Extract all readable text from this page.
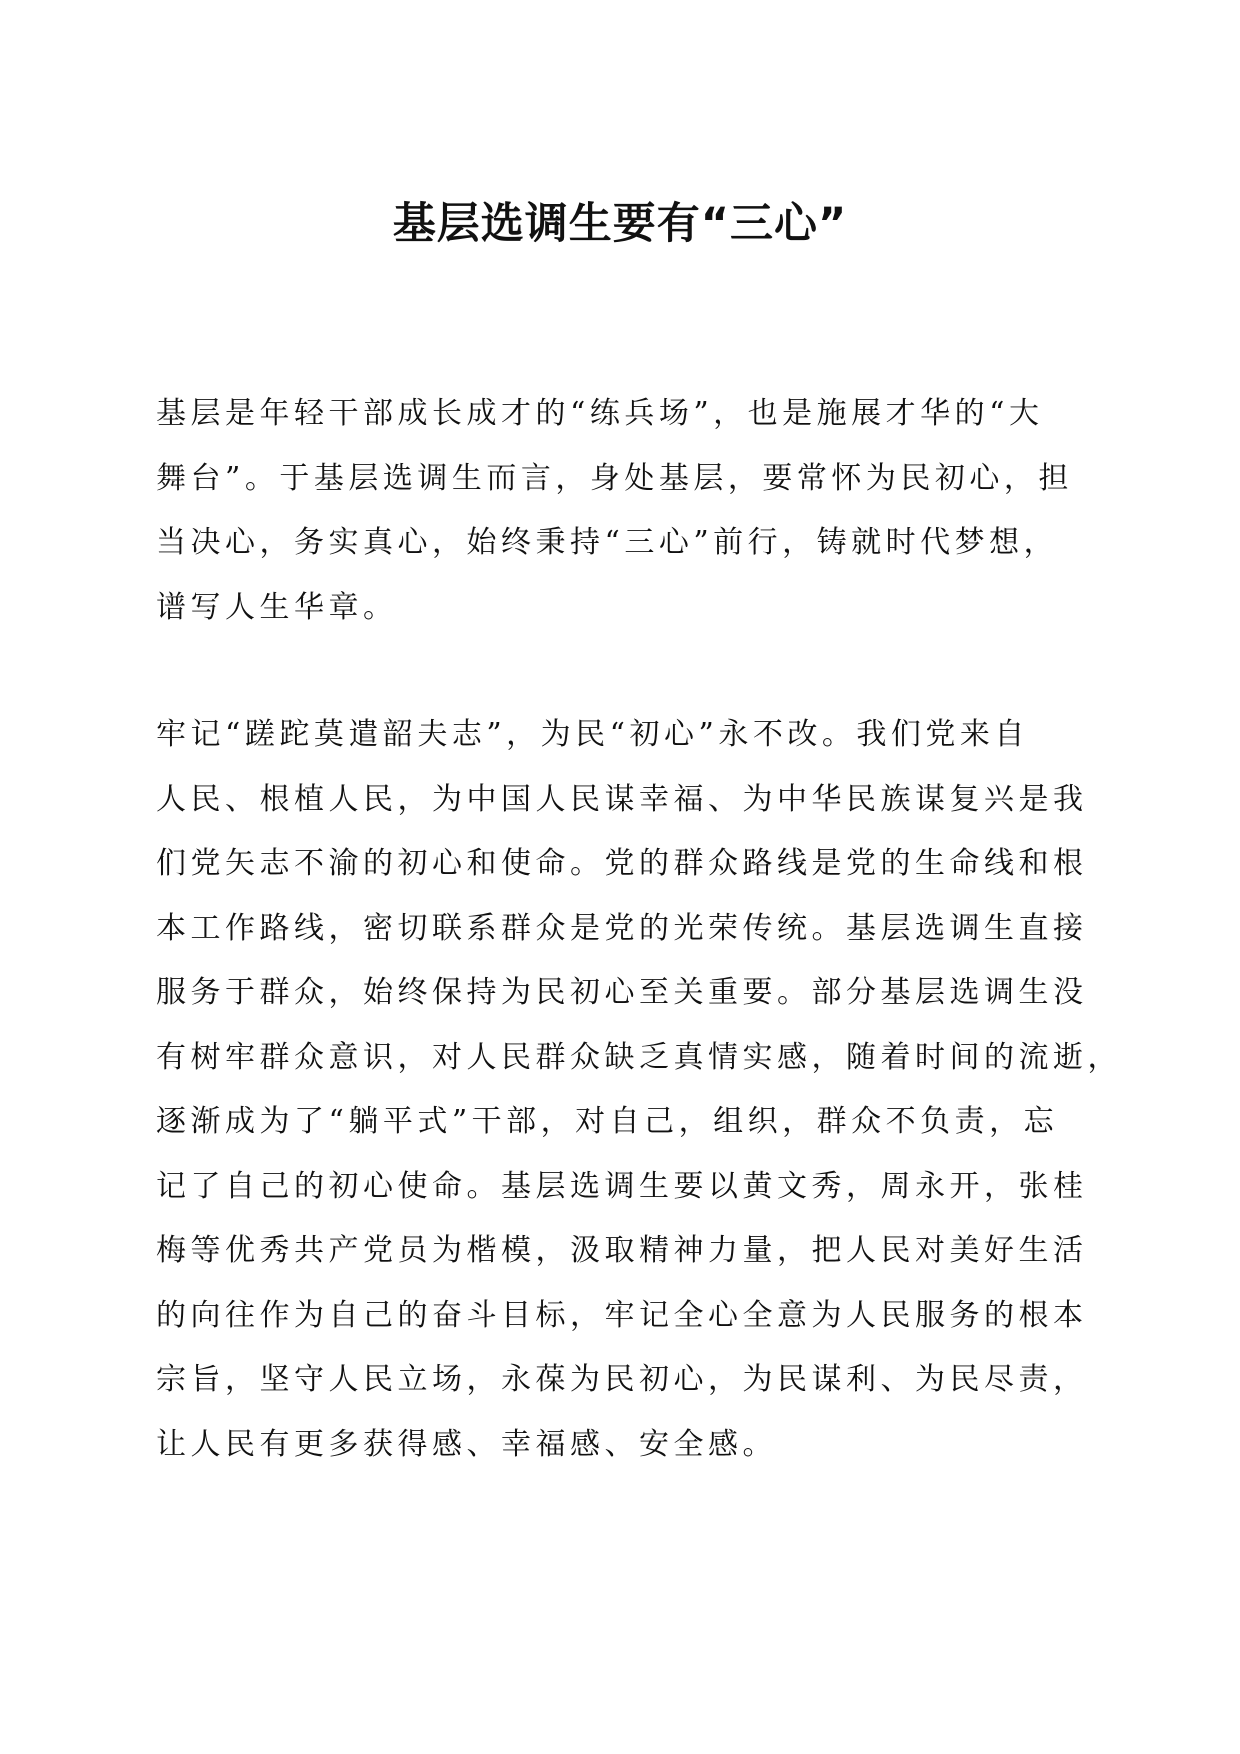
基层选调生要有“三心”

基层是年轻干部成长成才的“练兵场”，也是施展才华的“大
舞台”。于基层选调生而言，身处基层，要常怀为民初心，担
当决心，务实真心，始终秉持“三心”前行，铸就时代梦想，
谱写人生华章。

牢记“蹉跎莫遣韶夫志”，为民“初心”永不改。我们党来自
人民、根植人民，为中国人民谋幸福、为中华民族谋复兴是我
们党矢志不渝的初心和使命。党的群众路线是党的生命线和根
本工作路线，密切联系群众是党的光荣传统。基层选调生直接
服务于群众，始终保持为民初心至关重要。部分基层选调生没
有树牢群众意识，对人民群众缺乏真情实感，随着时间的流逝，
逐渐成为了“躺平式”干部，对自己，组织，群众不负责，忘
记了自己的初心使命。基层选调生要以黄文秀，周永开，张桂
梅等优秀共产党员为楷模，汲取精神力量，把人民对美好生活
的向往作为自己的奋斗目标，牢记全心全意为人民服务的根本
宗旨，坚守人民立场，永葆为民初心，为民谋利、为民尽责，
让人民有更多获得感、幸福感、安全感。
